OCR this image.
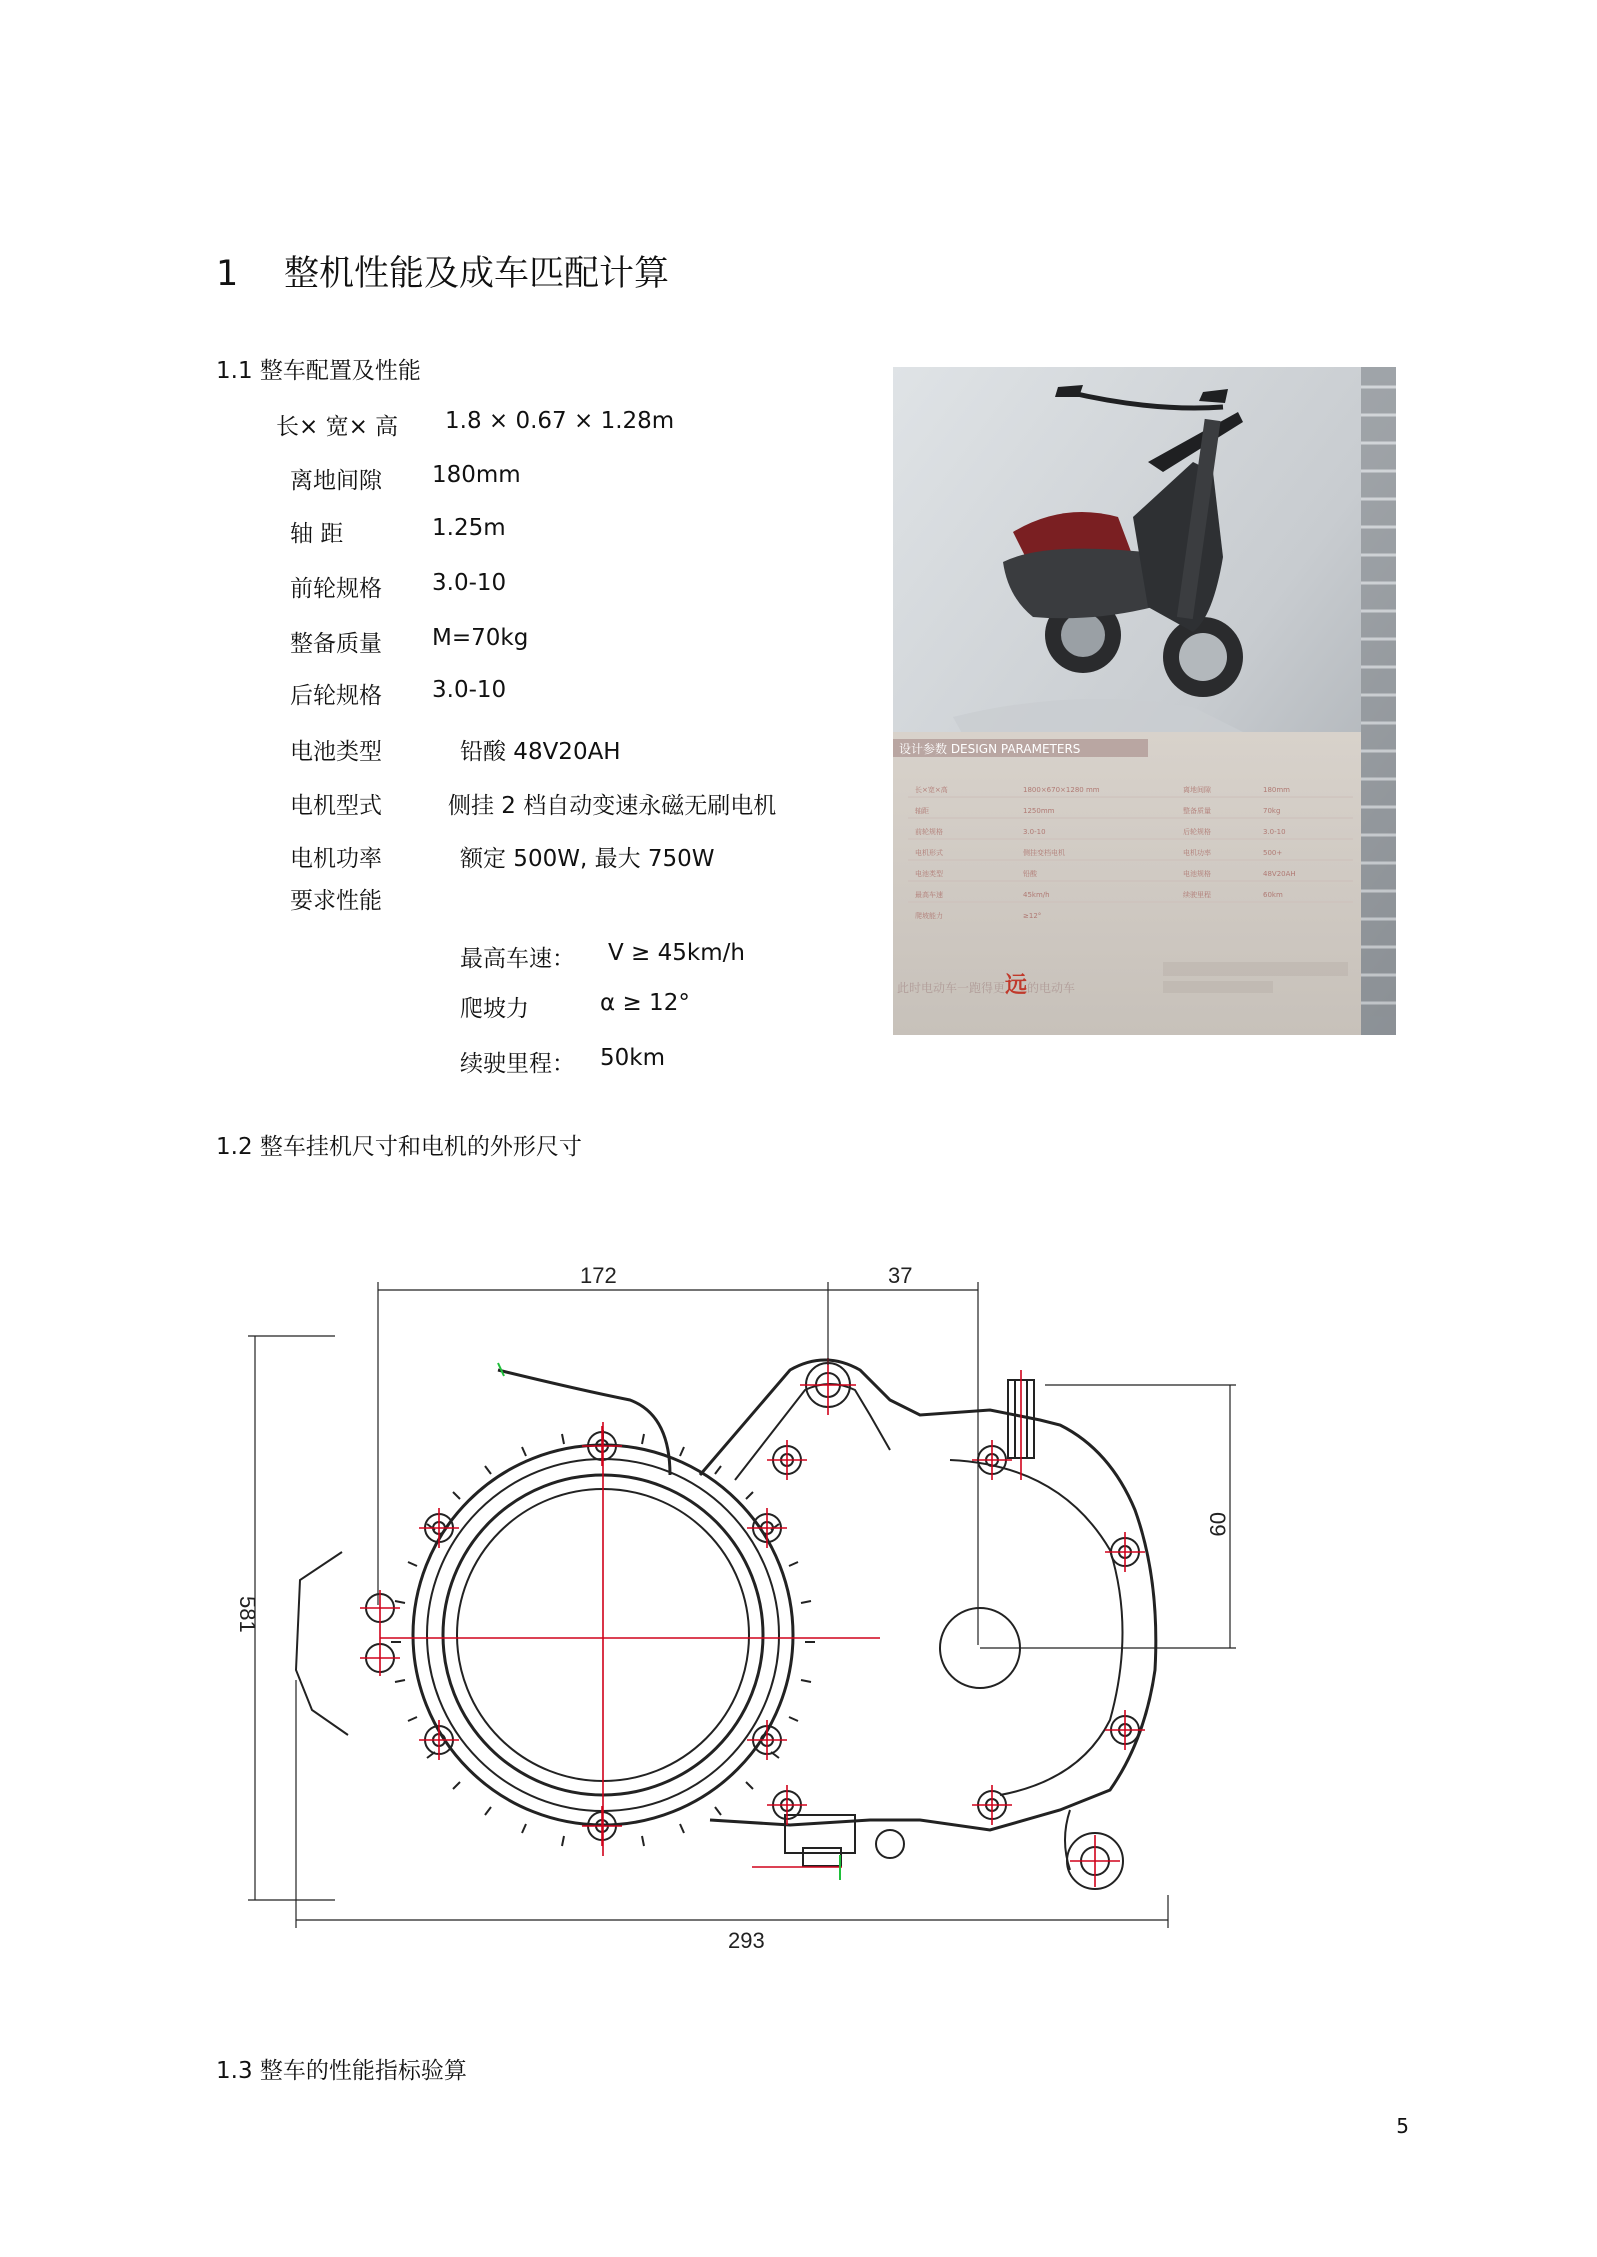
1 整机性能及成车匹配计算
1.1 整车配置及性能
长× 宽× 高 1.8 × 0.67 × 1.28m
离地间隙 180mm
轴 距	1.25m
前轮规格 3.0-10
整备质量 M=70kg
后轮规格 3.0-10
电池类型	铅酸 48V20AH
电机型式	侧挂 2 档自动变速永磁无刷电机
电机功率	额定 500W, 最大 750W
要求性能
最高车速： V ≥ 45km/h
爬坡力	α ≥ 12°
续驶里程： 50km
设计参数 DESIGN PARAMETERS
长×宽×高	1800×670×1280 mm	离地间隙	180mm
轴距	1250mm	整备质量	70kg
前轮规格	3.0-10	后轮规格	3.0-10
电机形式	侧挂变档电机	电机功率	500+
电池类型	铅酸	电池规格	48V20AH
最高车速	45km/h	续驶里程	60km
爬坡能力	≥12°
此时电动车一跑得更远的电动车
1.2 整车挂机尺寸和电机的外形尺寸
172	37
09
581
293
1.3 整车的性能指标验算
5
